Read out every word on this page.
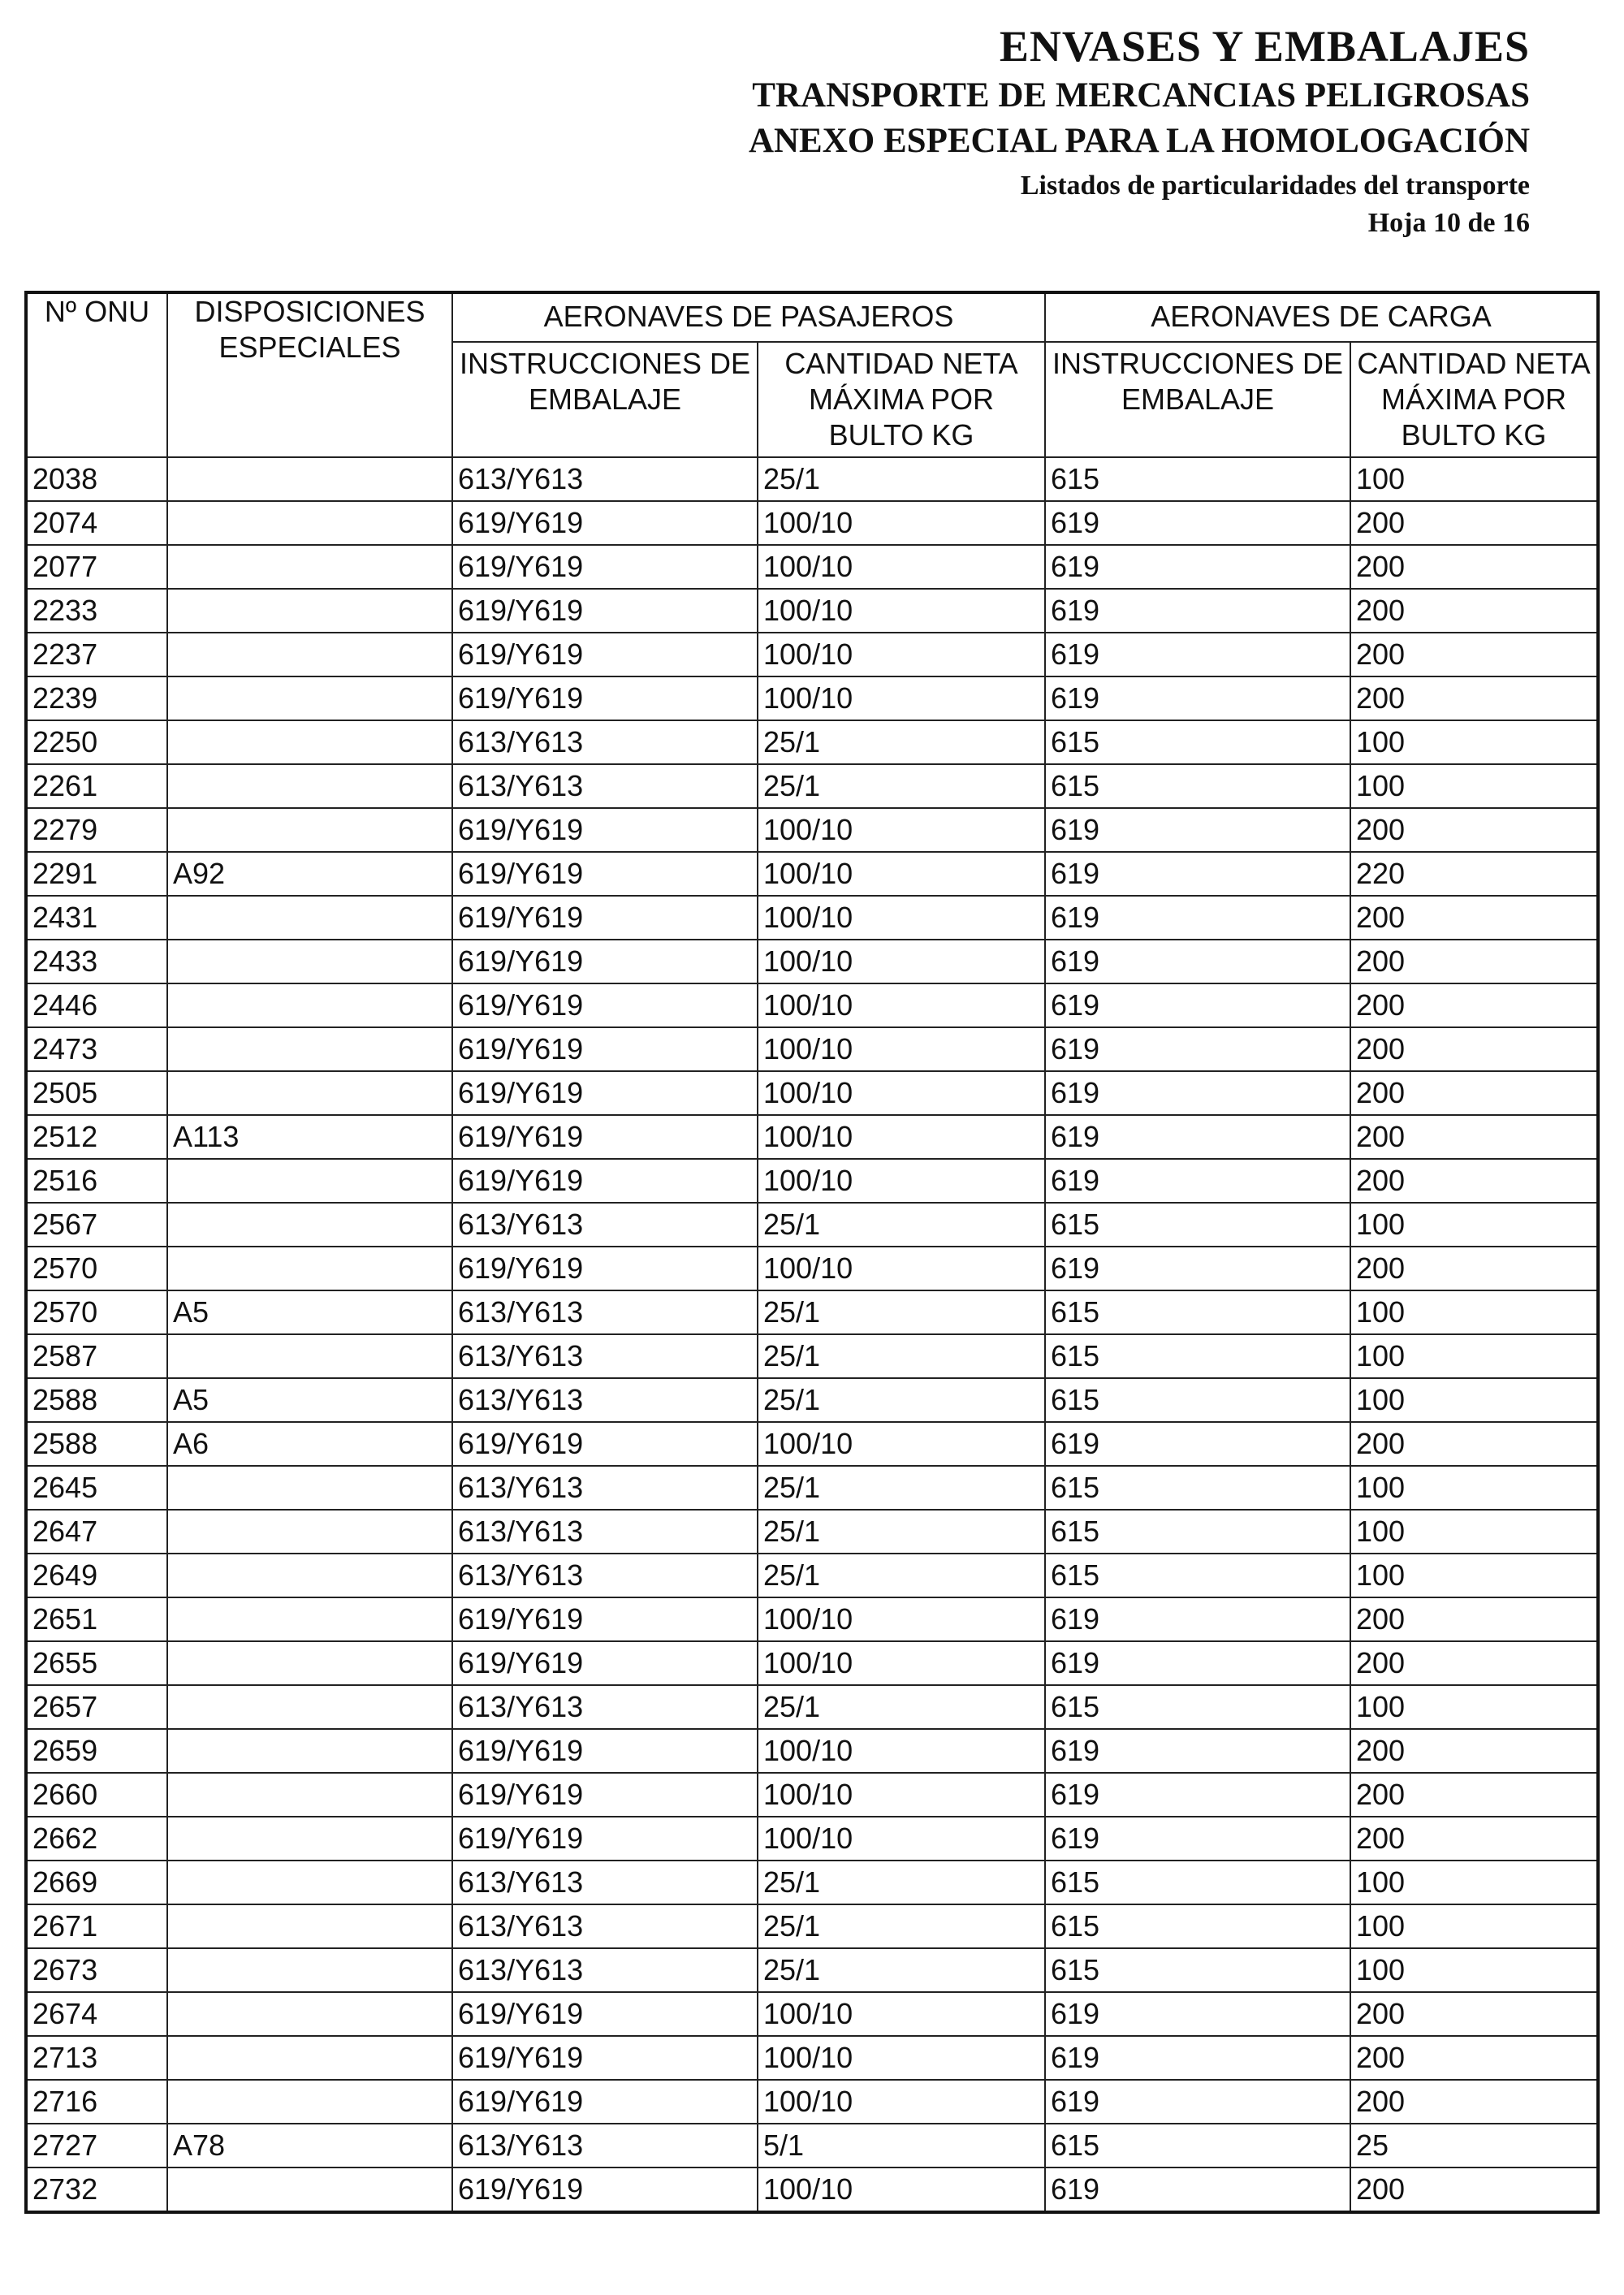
ENVASES Y EMBALAJES
TRANSPORTE DE MERCANCIAS PELIGROSAS
ANEXO ESPECIAL PARA LA HOMOLOGACIÓN
Listados de particularidades del transporte
Hoja 10 de 16
Nº ONU	DISPOSICIONES ESPECIALES	AERONAVES DE PASAJEROS		AERONAVES DE CARGA	
		INSTRUCCIONES DE EMBALAJE	CANTIDAD NETA MÁXIMA POR BULTO KG	INSTRUCCIONES DE EMBALAJE	CANTIDAD NETA MÁXIMA POR BULTO KG
2038		613/Y613	25/1	615	100
2074		619/Y619	100/10	619	200
2077		619/Y619	100/10	619	200
2233		619/Y619	100/10	619	200
2237		619/Y619	100/10	619	200
2239		619/Y619	100/10	619	200
2250		613/Y613	25/1	615	100
2261		613/Y613	25/1	615	100
2279		619/Y619	100/10	619	200
2291	A92	619/Y619	100/10	619	220
2431		619/Y619	100/10	619	200
2433		619/Y619	100/10	619	200
2446		619/Y619	100/10	619	200
2473		619/Y619	100/10	619	200
2505		619/Y619	100/10	619	200
2512	A113	619/Y619	100/10	619	200
2516		619/Y619	100/10	619	200
2567		613/Y613	25/1	615	100
2570		619/Y619	100/10	619	200
2570	A5	613/Y613	25/1	615	100
2587		613/Y613	25/1	615	100
2588	A5	613/Y613	25/1	615	100
2588	A6	619/Y619	100/10	619	200
2645		613/Y613	25/1	615	100
2647		613/Y613	25/1	615	100
2649		613/Y613	25/1	615	100
2651		619/Y619	100/10	619	200
2655		619/Y619	100/10	619	200
2657		613/Y613	25/1	615	100
2659		619/Y619	100/10	619	200
2660		619/Y619	100/10	619	200
2662		619/Y619	100/10	619	200
2669		613/Y613	25/1	615	100
2671		613/Y613	25/1	615	100
2673		613/Y613	25/1	615	100
2674		619/Y619	100/10	619	200
2713		619/Y619	100/10	619	200
2716		619/Y619	100/10	619	200
2727	A78	613/Y613	5/1	615	25
2732		619/Y619	100/10	619	200
